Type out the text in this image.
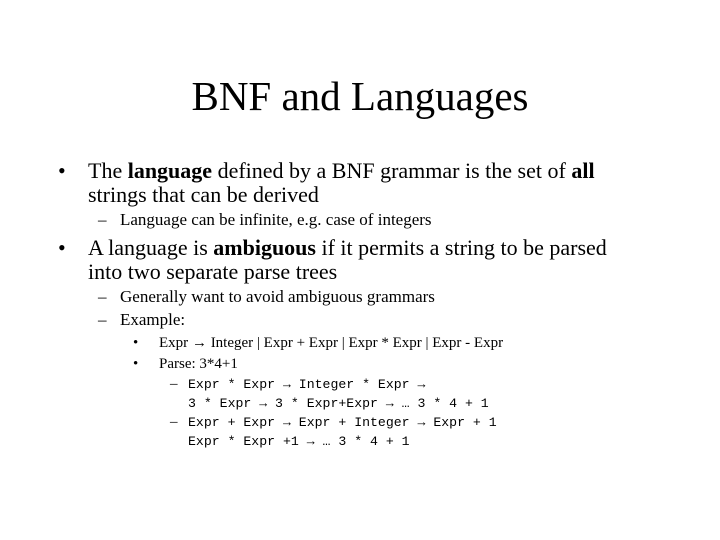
BNF and Languages
• The language defined by a BNF grammar is the set of all
strings that can be derived
– Language can be infinite, e.g. case of integers
• A language is ambiguous if it permits a string to be parsed
into two separate parse trees
– Generally want to avoid ambiguous grammars
– Example:
• Expr → Integer | Expr + Expr | Expr * Expr | Expr - Expr
• Parse: 3*4+1
– Expr * Expr → Integer * Expr →
3 * Expr → 3 * Expr+Expr → … 3 * 4 + 1
– Expr + Expr → Expr + Integer → Expr + 1
Expr * Expr +1 → … 3 * 4 + 1
